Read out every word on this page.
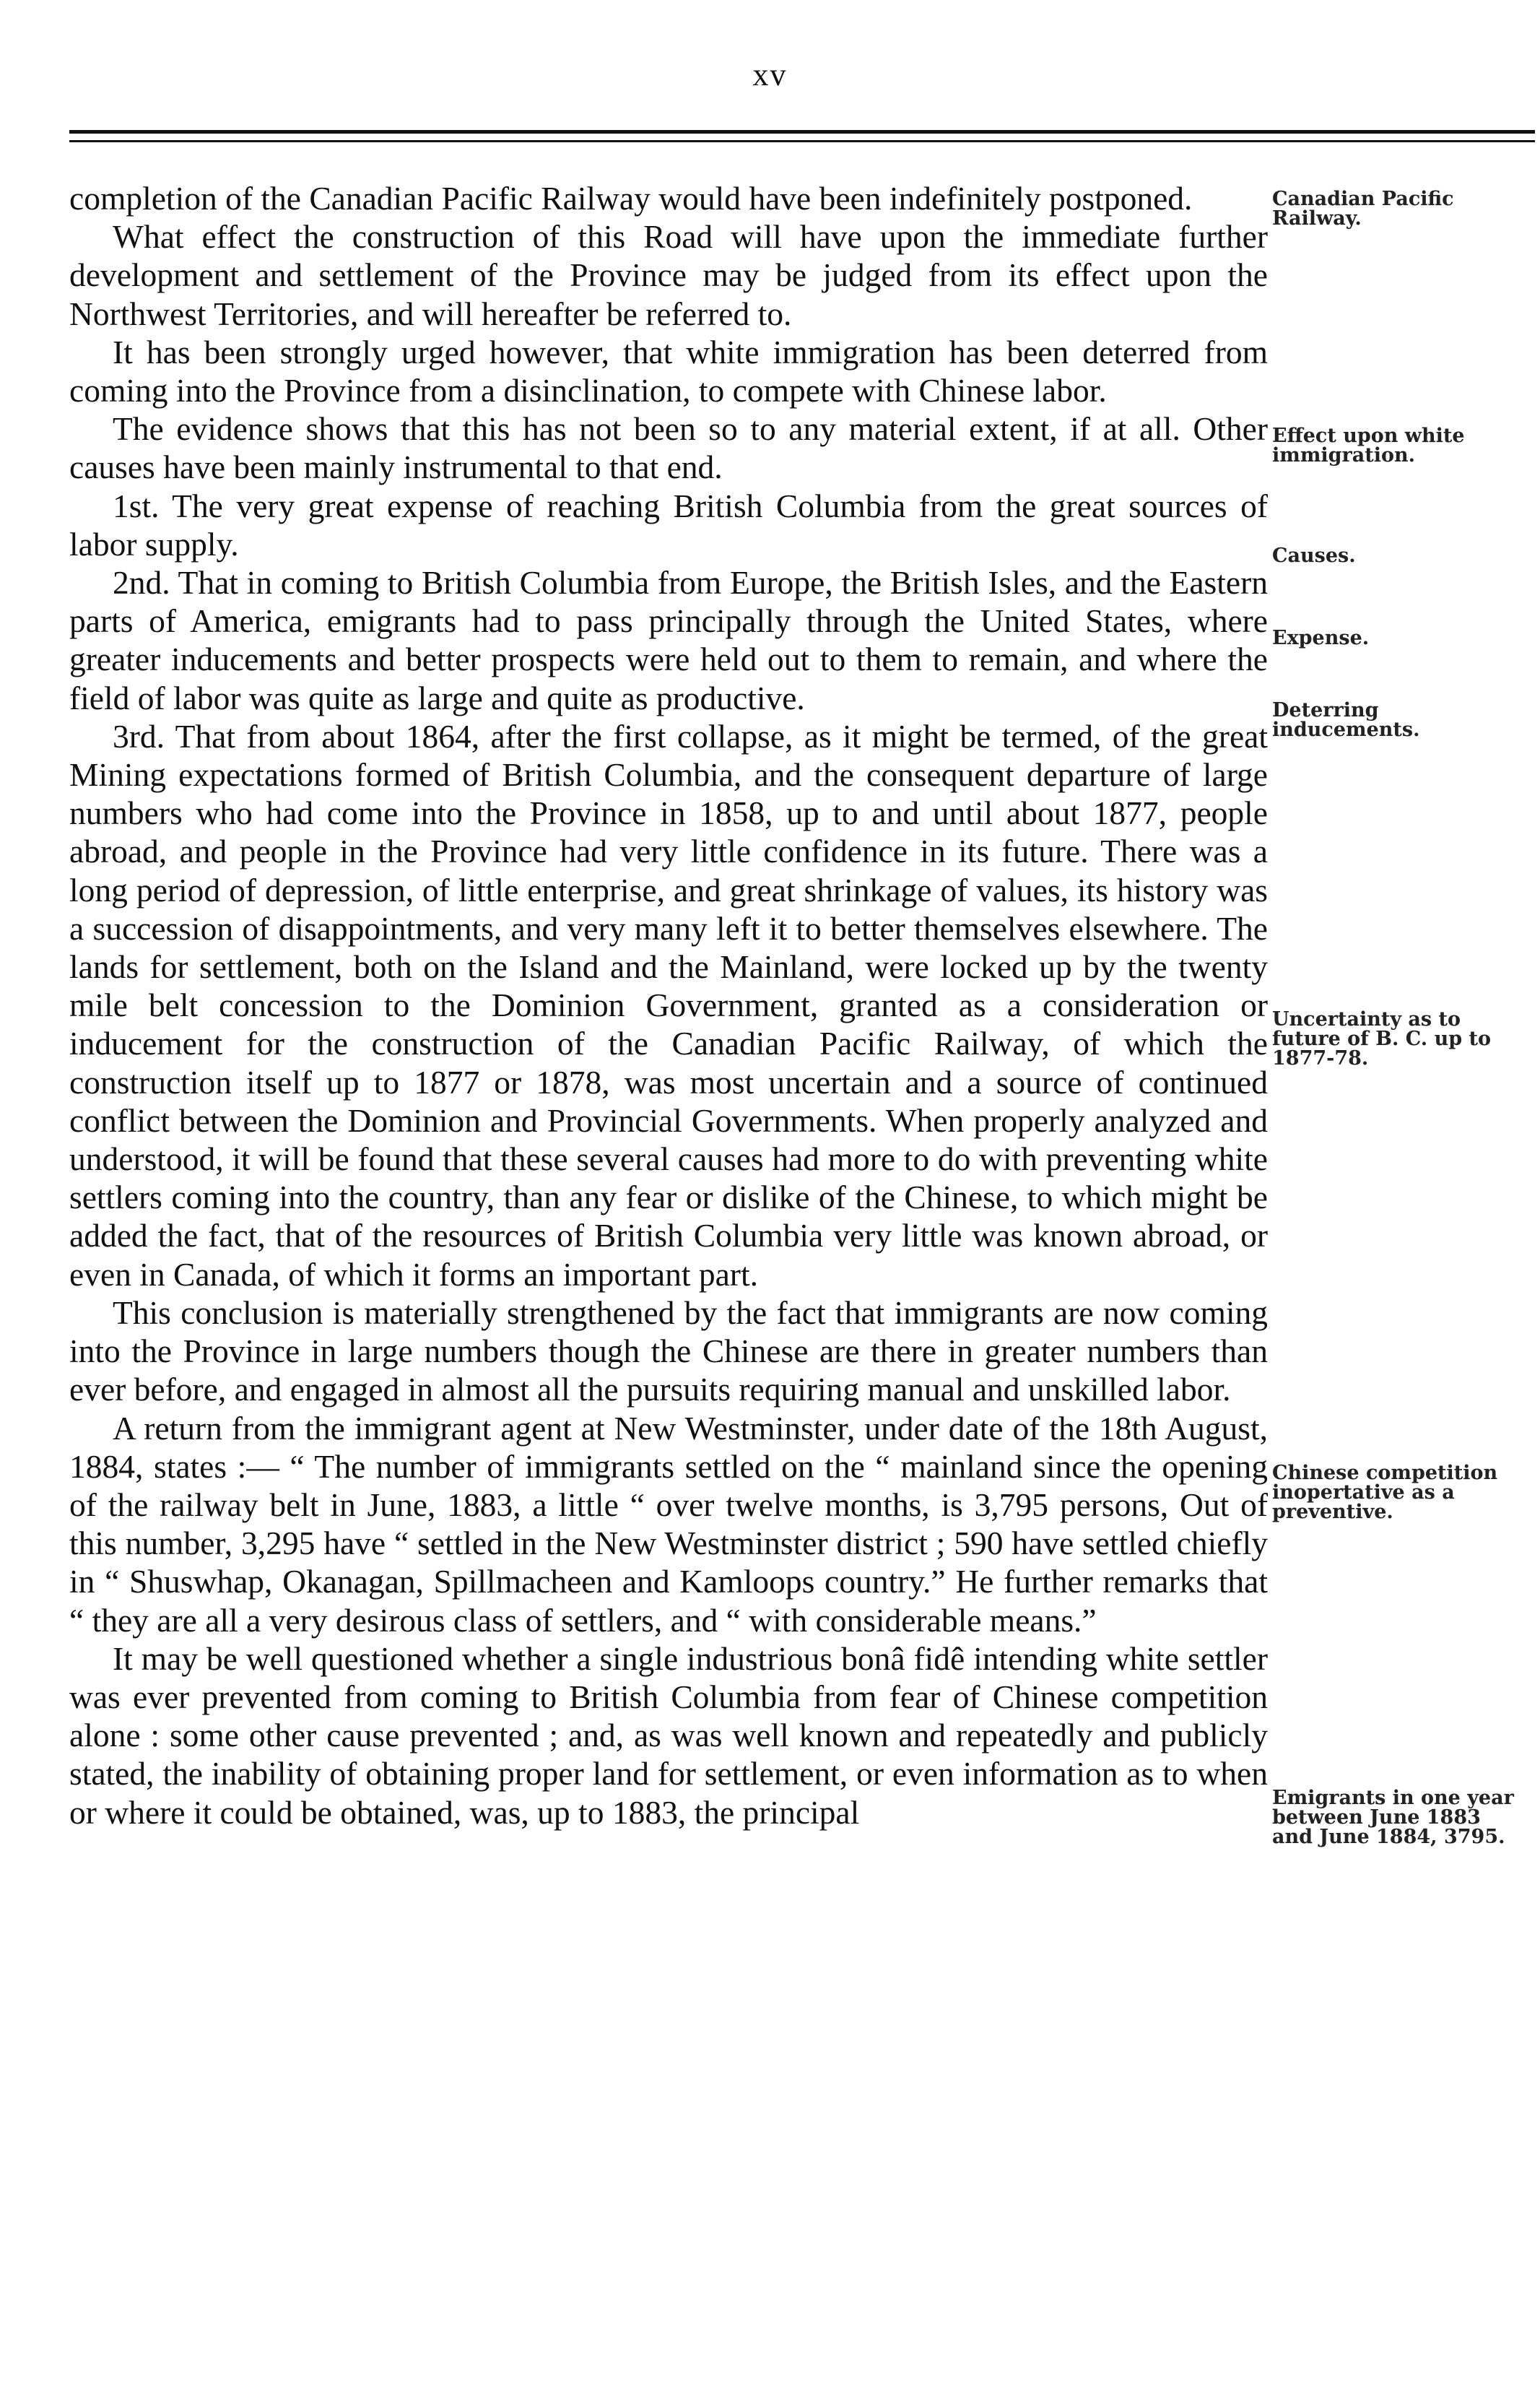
xv

completion of the Canadian Pacific Railway would have been indefinitely postponed.

What effect the construction of this Road will have upon the immediate further development and settlement of the Province may be judged from its effect upon the Northwest Territories, and will hereafter be referred to.

It has been strongly urged however, that white immigration has been deterred from coming into the Province from a disinclination, to compete with Chinese labor.

The evidence shows that this has not been so to any material extent, if at all. Other causes have been mainly instrumental to that end.

1st. The very great expense of reaching British Columbia from the great sources of labor supply.

2nd. That in coming to British Columbia from Europe, the British Isles, and the Eastern parts of America, emigrants had to pass principally through the United States, where greater inducements and better prospects were held out to them to remain, and where the field of labor was quite as large and quite as productive.

3rd. That from about 1864, after the first collapse, as it might be termed, of the great Mining expectations formed of British Columbia, and the consequent departure of large numbers who had come into the Province in 1858, up to and until about 1877, people abroad, and people in the Province had very little confidence in its future. There was a long period of depression, of little enterprise, and great shrinkage of values, its history was a succession of disappointments, and very many left it to better themselves elsewhere. The lands for settlement, both on the Island and the Mainland, were locked up by the twenty mile belt concession to the Dominion Government, granted as a consideration or inducement for the construction of the Canadian Pacific Railway, of which the construction itself up to 1877 or 1878, was most uncertain and a source of continued conflict between the Dominion and Provincial Governments. When properly analyzed and understood, it will be found that these several causes had more to do with preventing white settlers coming into the country, than any fear or dislike of the Chinese, to which might be added the fact, that of the resources of British Columbia very little was known abroad, or even in Canada, of which it forms an important part.

This conclusion is materially strengthened by the fact that immigrants are now coming into the Province in large numbers though the Chinese are there in greater numbers than ever before, and engaged in almost all the pursuits requiring manual and unskilled labor.

A return from the immigrant agent at New Westminster, under date of the 18th August, 1884, states :— “ The number of immigrants settled on the “ mainland since the opening of the railway belt in June, 1883, a little “ over twelve months, is 3,795 persons, Out of this number, 3,295 have “ settled in the New Westminster district ; 590 have settled chiefly in “ Shuswhap, Okanagan, Spillmacheen and Kamloops country.” He further remarks that “ they are all a very desirous class of settlers, and “ with considerable means.”

It may be well questioned whether a single industrious bonâ fidê intending white settler was ever prevented from coming to British Columbia from fear of Chinese competition alone : some other cause prevented ; and, as was well known and repeatedly and publicly stated, the inability of obtaining proper land for settlement, or even information as to when or where it could be obtained, was, up to 1883, the principal

Canadian Pacific Railway.
Effect upon white immigration.
Causes.
Expense.
Deterring inducements.
Uncertainty as to future of B. C. up to 1877-78.
Chinese competition inopertative as a preventive.
Emigrants in one year between June 1883 and June 1884, 3795.
